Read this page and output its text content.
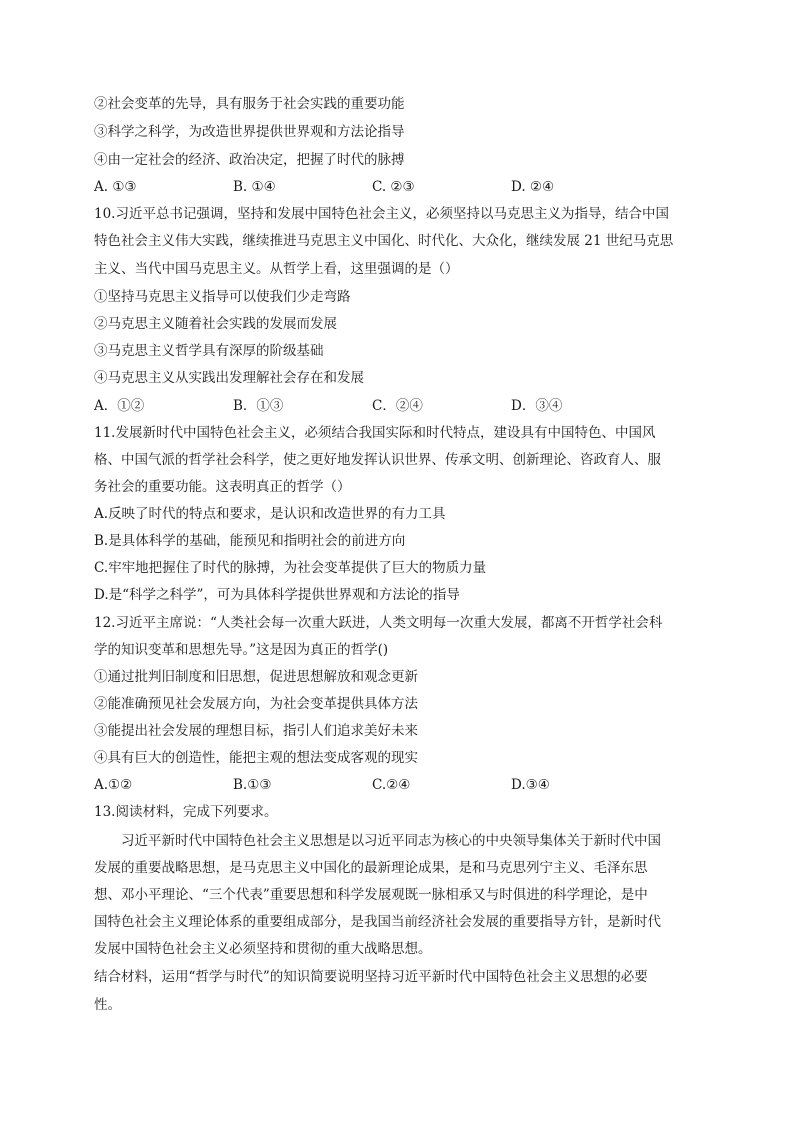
②社会变革的先导，具有服务于社会实践的重要功能
③科学之科学，为改造世界提供世界观和方法论指导
④由一定社会的经济、政治决定，把握了时代的脉搏
A. ①③	B. ①④	C. ②③	D. ②④
10.习近平总书记强调，坚持和发展中国特色社会主义，必须坚持以马克思主义为指导，结合中国
特色社会主义伟大实践，继续推进马克思主义中国化、时代化、大众化，继续发展 21 世纪马克思
主义、当代中国马克思主义。从哲学上看，这里强调的是（）
①坚持马克思主义指导可以使我们少走弯路
②马克思主义随着社会实践的发展而发展
③马克思主义哲学具有深厚的阶级基础
④马克思主义从实践出发理解社会存在和发展
A．①②	B．①③	C．②④	D．③④
11.发展新时代中国特色社会主义，必须结合我国实际和时代特点，建设具有中国特色、中国风
格、中国气派的哲学社会科学，使之更好地发挥认识世界、传承文明、创新理论、咨政育人、服
务社会的重要功能。这表明真正的哲学（）
A.反映了时代的特点和要求，是认识和改造世界的有力工具
B.是具体科学的基础，能预见和指明社会的前进方向
C.牢牢地把握住了时代的脉搏，为社会变革提供了巨大的物质力量
D.是“科学之科学”，可为具体科学提供世界观和方法论的指导
12.习近平主席说：“人类社会每一次重大跃进，人类文明每一次重大发展，都离不开哲学社会科
学的知识变革和思想先导。”这是因为真正的哲学()
①通过批判旧制度和旧思想，促进思想解放和观念更新
②能准确预见社会发展方向，为社会变革提供具体方法
③能提出社会发展的理想目标，指引人们追求美好未来
④具有巨大的创造性，能把主观的想法变成客观的现实
A.①②	B.①③	C.②④	D.③④
13.阅读材料，完成下列要求。
习近平新时代中国特色社会主义思想是以习近平同志为核心的中央领导集体关于新时代中国
发展的重要战略思想，是马克思主义中国化的最新理论成果，是和马克思列宁主义、毛泽东思
想、邓小平理论、“三个代表”重要思想和科学发展观既一脉相承又与时俱进的科学理论，是中
国特色社会主义理论体系的重要组成部分，是我国当前经济社会发展的重要指导方针，是新时代
发展中国特色社会主义必须坚持和贯彻的重大战略思想。
结合材料，运用“哲学与时代”的知识简要说明坚持习近平新时代中国特色社会主义思想的必要
性。
